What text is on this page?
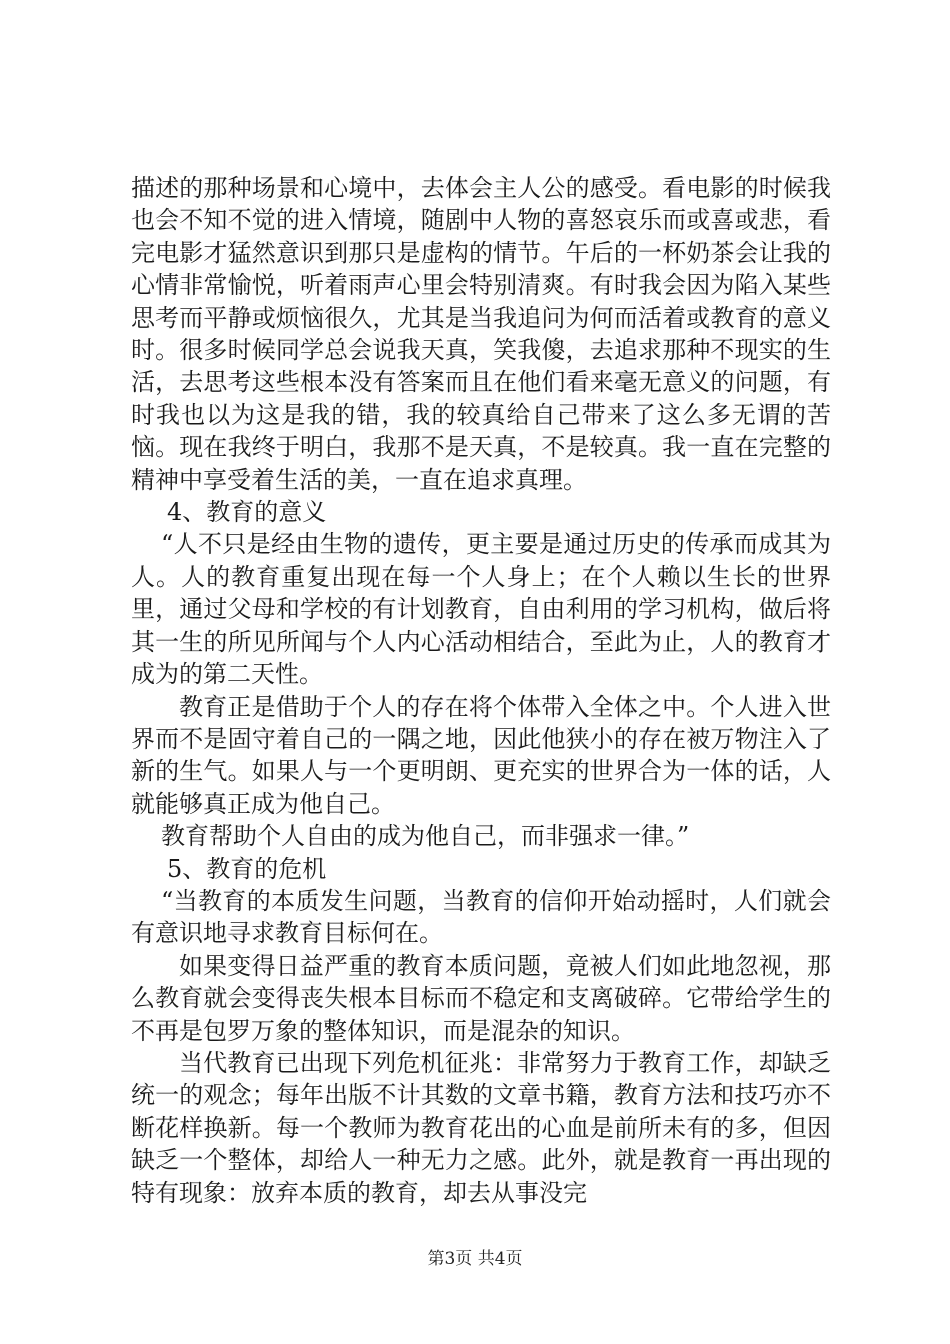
描述的那种场景和心境中，去体会主人公的感受。看电影的时候我也会不知不觉的进入情境，随剧中人物的喜怒哀乐而或喜或悲，看完电影才猛然意识到那只是虚构的情节。午后的一杯奶茶会让我的心情非常愉悦，听着雨声心里会特别清爽。有时我会因为陷入某些思考而平静或烦恼很久，尤其是当我追问为何而活着或教育的意义时。很多时候同学总会说我天真，笑我傻，去追求那种不现实的生活，去思考这些根本没有答案而且在他们看来毫无意义的问题，有时我也以为这是我的错，我的较真给自己带来了这么多无谓的苦恼。现在我终于明白，我那不是天真，不是较真。我一直在完整的精神中享受着生活的美，一直在追求真理。

4、教育的意义

“人不只是经由生物的遗传，更主要是通过历史的传承而成其为人。人的教育重复出现在每一个人身上；在个人赖以生长的世界里，通过父母和学校的有计划教育，自由利用的学习机构，做后将其一生的所见所闻与个人内心活动相结合，至此为止，人的教育才成为的第二天性。

教育正是借助于个人的存在将个体带入全体之中。个人进入世界而不是固守着自己的一隅之地，因此他狭小的存在被万物注入了新的生气。如果人与一个更明朗、更充实的世界合为一体的话，人就能够真正成为他自己。

教育帮助个人自由的成为他自己，而非强求一律。”

5、教育的危机

“当教育的本质发生问题，当教育的信仰开始动摇时，人们就会有意识地寻求教育目标何在。

如果变得日益严重的教育本质问题，竟被人们如此地忽视，那么教育就会变得丧失根本目标而不稳定和支离破碎。它带给学生的不再是包罗万象的整体知识，而是混杂的知识。

当代教育已出现下列危机征兆：非常努力于教育工作，却缺乏统一的观念；每年出版不计其数的文章书籍，教育方法和技巧亦不断花样换新。每一个教师为教育花出的心血是前所未有的多，但因缺乏一个整体，却给人一种无力之感。此外，就是教育一再出现的特有现象：放弃本质的教育，却去从事没完

第3页 共4页
